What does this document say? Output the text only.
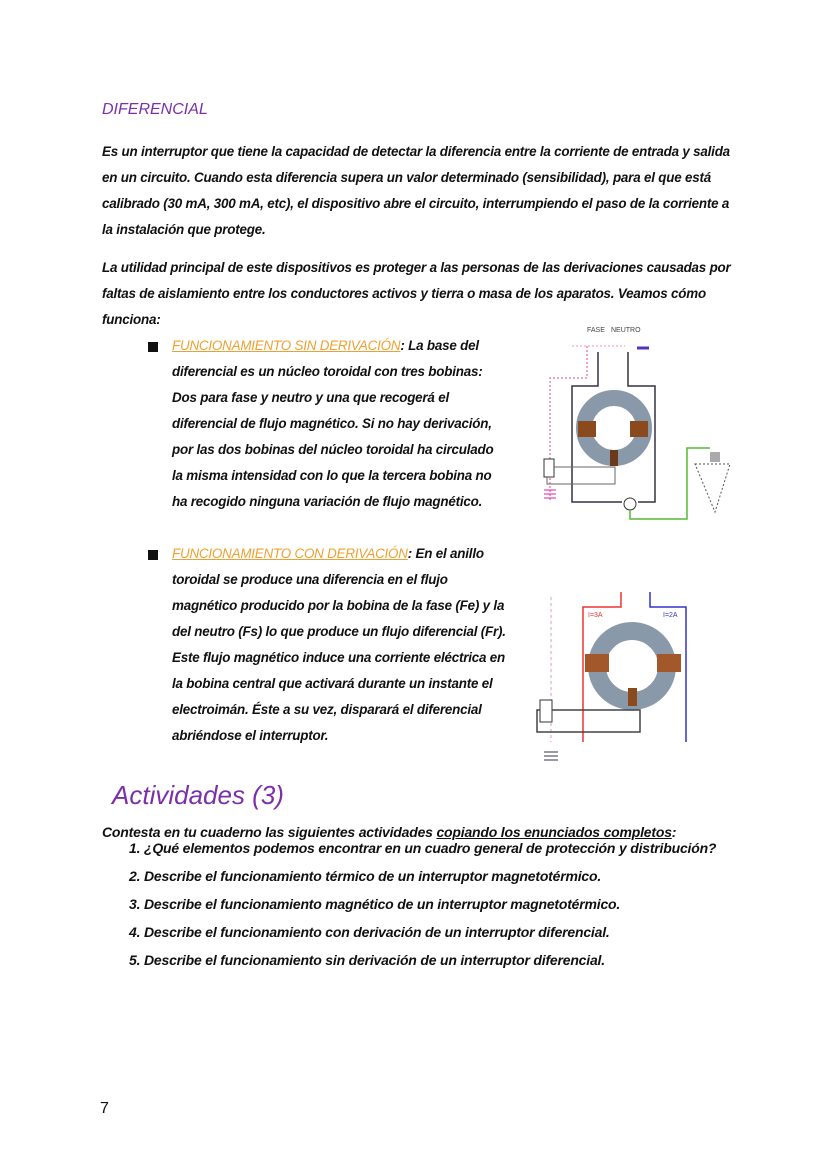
DIFERENCIAL
Es un interruptor que tiene la capacidad de detectar la diferencia entre la corriente de entrada y salida en un circuito. Cuando esta diferencia supera un valor determinado (sensibilidad), para el que está calibrado (30 mA, 300 mA, etc), el dispositivo abre el circuito, interrumpiendo el paso de la corriente a la instalación que protege.
La utilidad principal de este dispositivos es proteger a las personas de las derivaciones causadas por faltas de aislamiento entre los conductores activos y tierra o masa de los aparatos. Veamos cómo funciona:
FUNCIONAMIENTO SIN DERIVACIÓN: La base del diferencial es un núcleo toroidal con tres bobinas: Dos para fase y neutro y una que recogerá el diferencial de flujo magnético. Si no hay derivación, por las dos bobinas del núcleo toroidal ha circulado la misma intensidad con lo que la tercera bobina no ha recogido ninguna variación de flujo magnético.
FUNCIONAMIENTO CON DERIVACIÓN: En el anillo toroidal se produce una diferencia en el flujo magnético producido por la bobina de la fase (Fe) y la del neutro (Fs) lo que produce un flujo diferencial (Fr). Este flujo magnético induce una corriente eléctrica en la bobina central que activará durante un instante el electroimán. Éste a su vez, disparará el diferencial abriéndose el interruptor.
FASE NEUTRO
I=3A	I=2A
Actividades (3)
Contesta en tu cuaderno las siguientes actividades copiando los enunciados completos:
1. ¿Qué elementos podemos encontrar en un cuadro general de protección y distribución?
2. Describe el funcionamiento térmico de un interruptor magnetotérmico.
3. Describe el funcionamiento magnético de un interruptor magnetotérmico.
4. Describe el funcionamiento con derivación de un interruptor diferencial.
5. Describe el funcionamiento sin derivación de un interruptor diferencial.
7
